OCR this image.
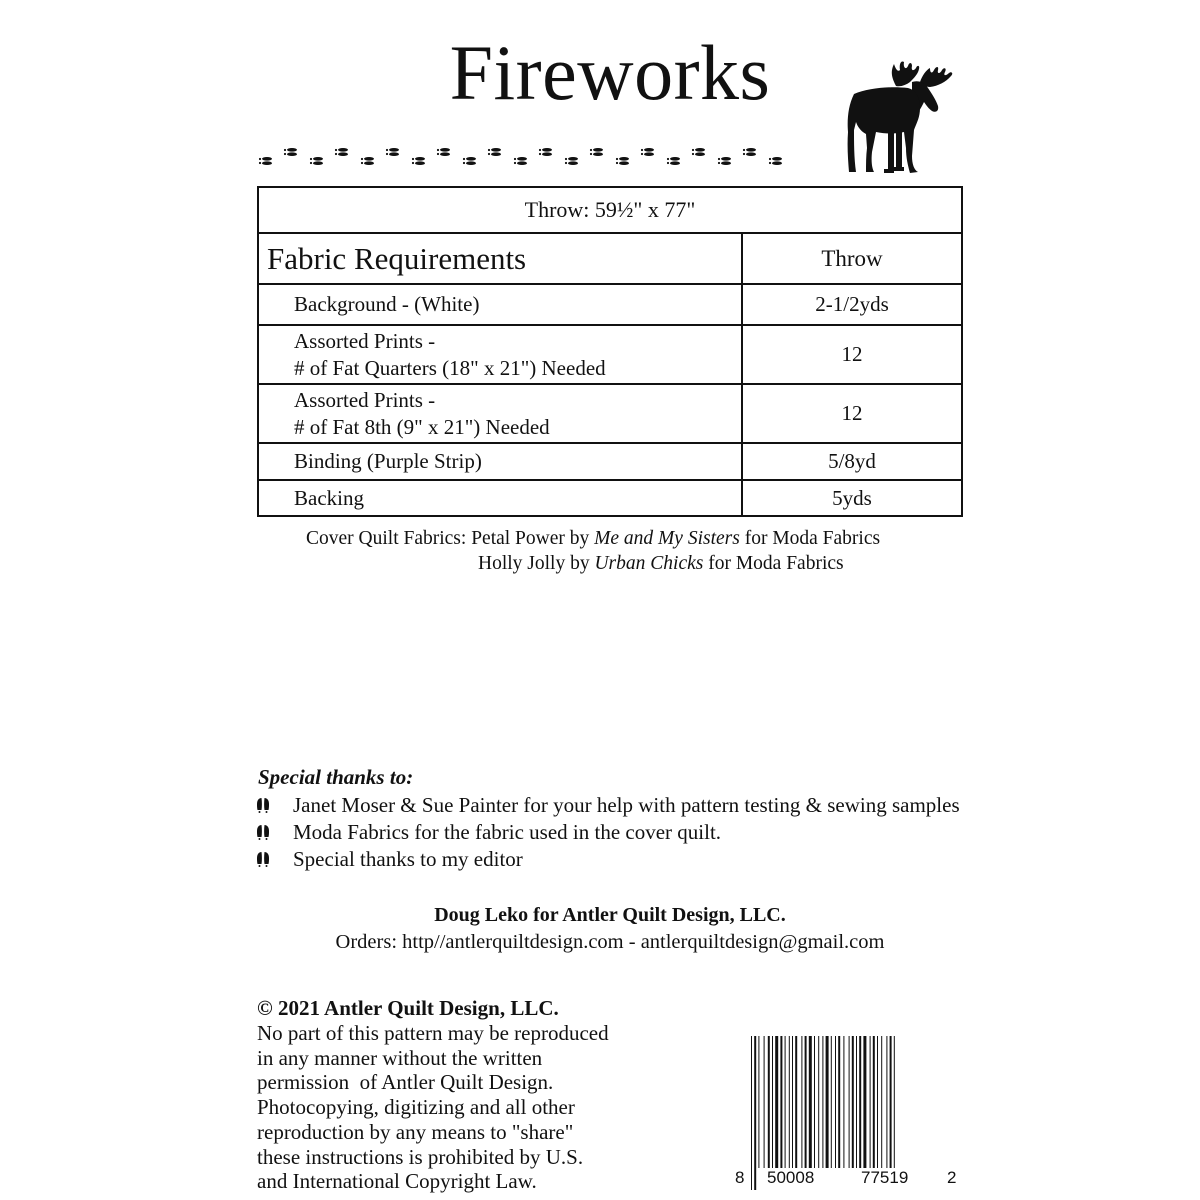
Fireworks
Throw: 59½" x 77"	
Fabric Requirements	Throw
Background - (White)	2-1/2yds

Assorted Prints -
# of Fat Quarters (18" x 21") Needed	12

Assorted Prints -
# of Fat 8th (9" x 21") Needed	12
Binding (Purple Strip)	5/8yd
Backing	5yds
Cover Quilt Fabrics: Petal Power by Me and My Sisters for Moda Fabrics
Holly Jolly by Urban Chicks for Moda Fabrics
Special thanks to:
Janet Moser & Sue Painter for your help with pattern testing & sewing samples
Moda Fabrics for the fabric used in the cover quilt.
Special thanks to my editor
Doug Leko for Antler Quilt Design, LLC.
Orders: http//antlerquiltdesign.com - antlerquiltdesign@gmail.com
© 2021 Antler Quilt Design, LLC.
No part of this pattern may be reproduced
in any manner without the written
permission  of Antler Quilt Design.
Photocopying, digitizing and all other
reproduction by any means to "share"
these instructions is prohibited by U.S.
and International Copyright Law.	8 50008	77519 2
